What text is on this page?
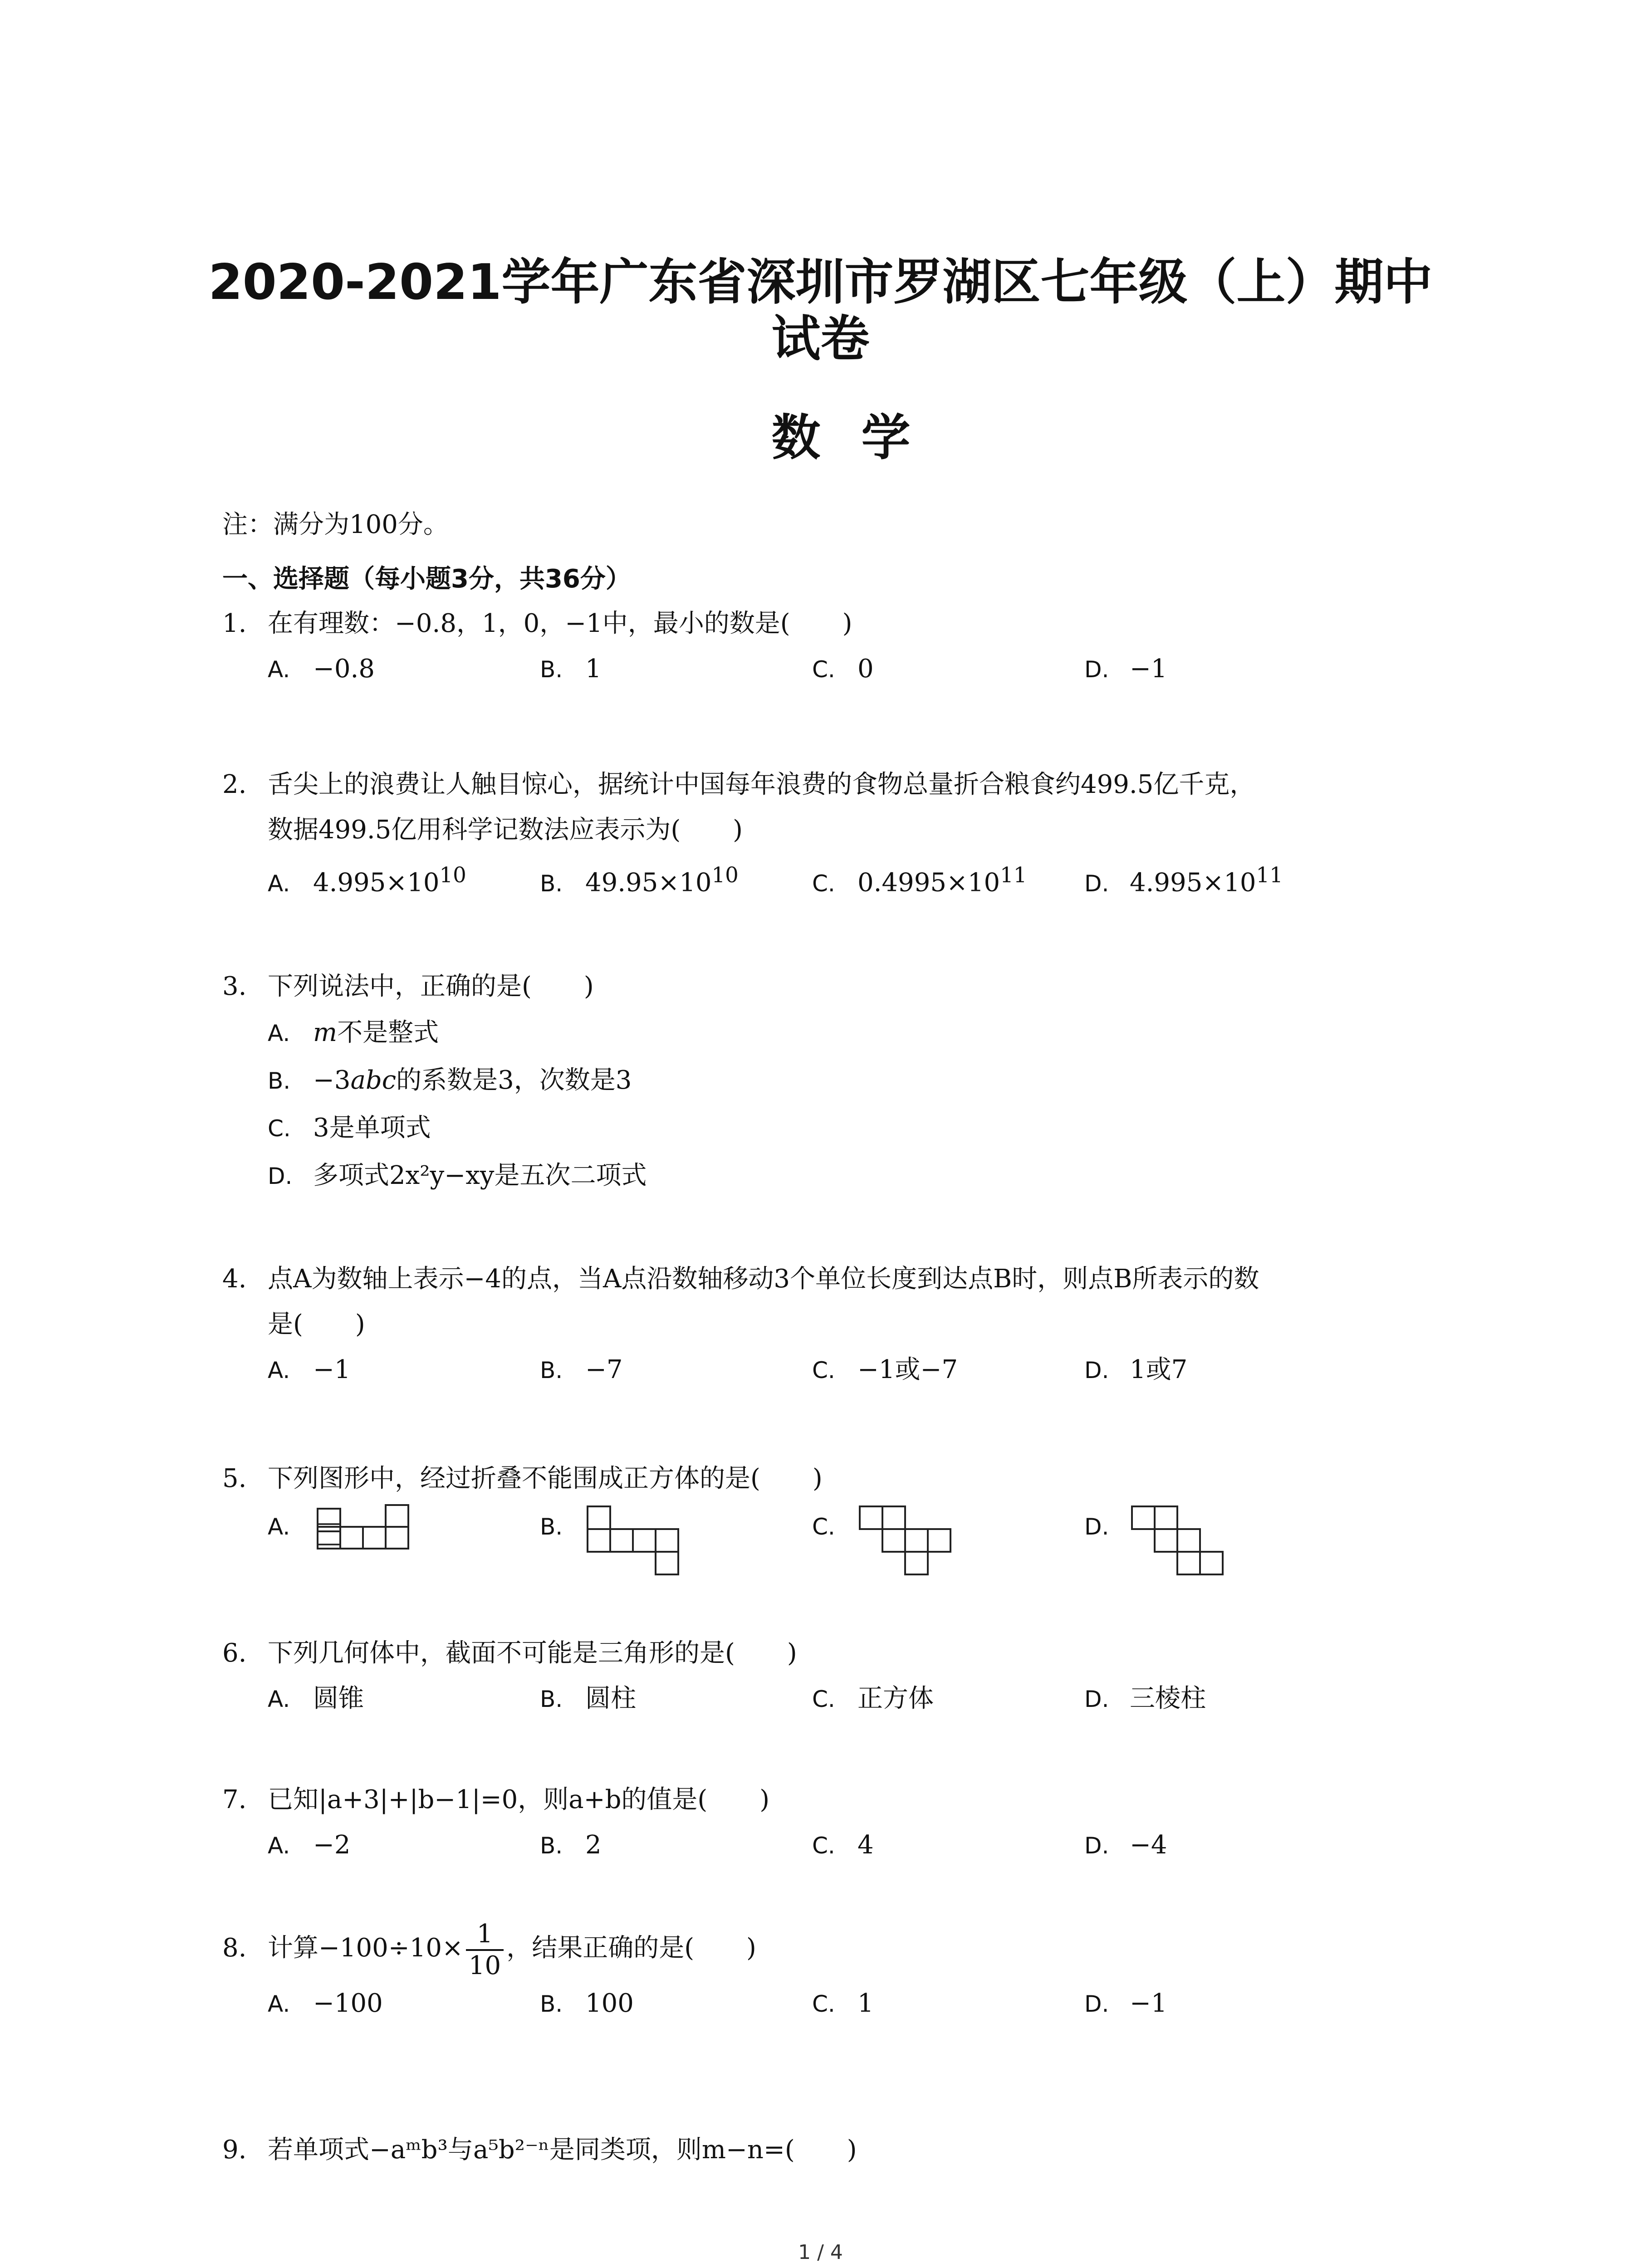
2020-2021学年广东省深圳市罗湖区七年级（上）期中
试卷
数学
注：满分为100分。
一、选择题（每小题3分，共36分）
1. 在有理数：−0.8，1，0，−1中，最小的数是( )
A. −0.8	B. 1	C. 0	D. −1
2. 舌尖上的浪费让人触目惊心，据统计中国每年浪费的食物总量折合粮食约499.5亿千克，
数据499.5亿用科学记数法应表示为( )
A. $4.995\times 10^{10}$	B. $49.95\times 10^{10}$	C. $0.4995\times 10^{11}$	D. $4.995\times 10^{11}$
3. 下列说法中，正确的是( )
A. m不是整式
B. −3abc的系数是3，次数是3
C. 3是单项式
D. 多项式2x²y−xy是五次二项式
4. 点A为数轴上表示−4的点，当A点沿数轴移动3个单位长度到达点B时，则点B所表示的数
是( )
A. −1	B. −7	C. −1或−7	D. 1或7
5. 下列图形中，经过折叠不能围成正方体的是( )
A.	B.	C.	D.
6. 下列几何体中，截面不可能是三角形的是( )
A. 圆锥	B. 圆柱	C. 正方体	D. 三棱柱
7. 已知|a+3|+|b−1|=0，则a+b的值是( )
A. −2	B. 2	C. 4	D. −4
8. 计算$-100\div 10\times \frac{1}{10}$ ，结果正确的是( )
A. −100	B. 100	C. 1	D. −1
9. 若单项式−aᵐb³与a⁵b²⁻ⁿ是同类项，则m−n=( )
1 / 4
